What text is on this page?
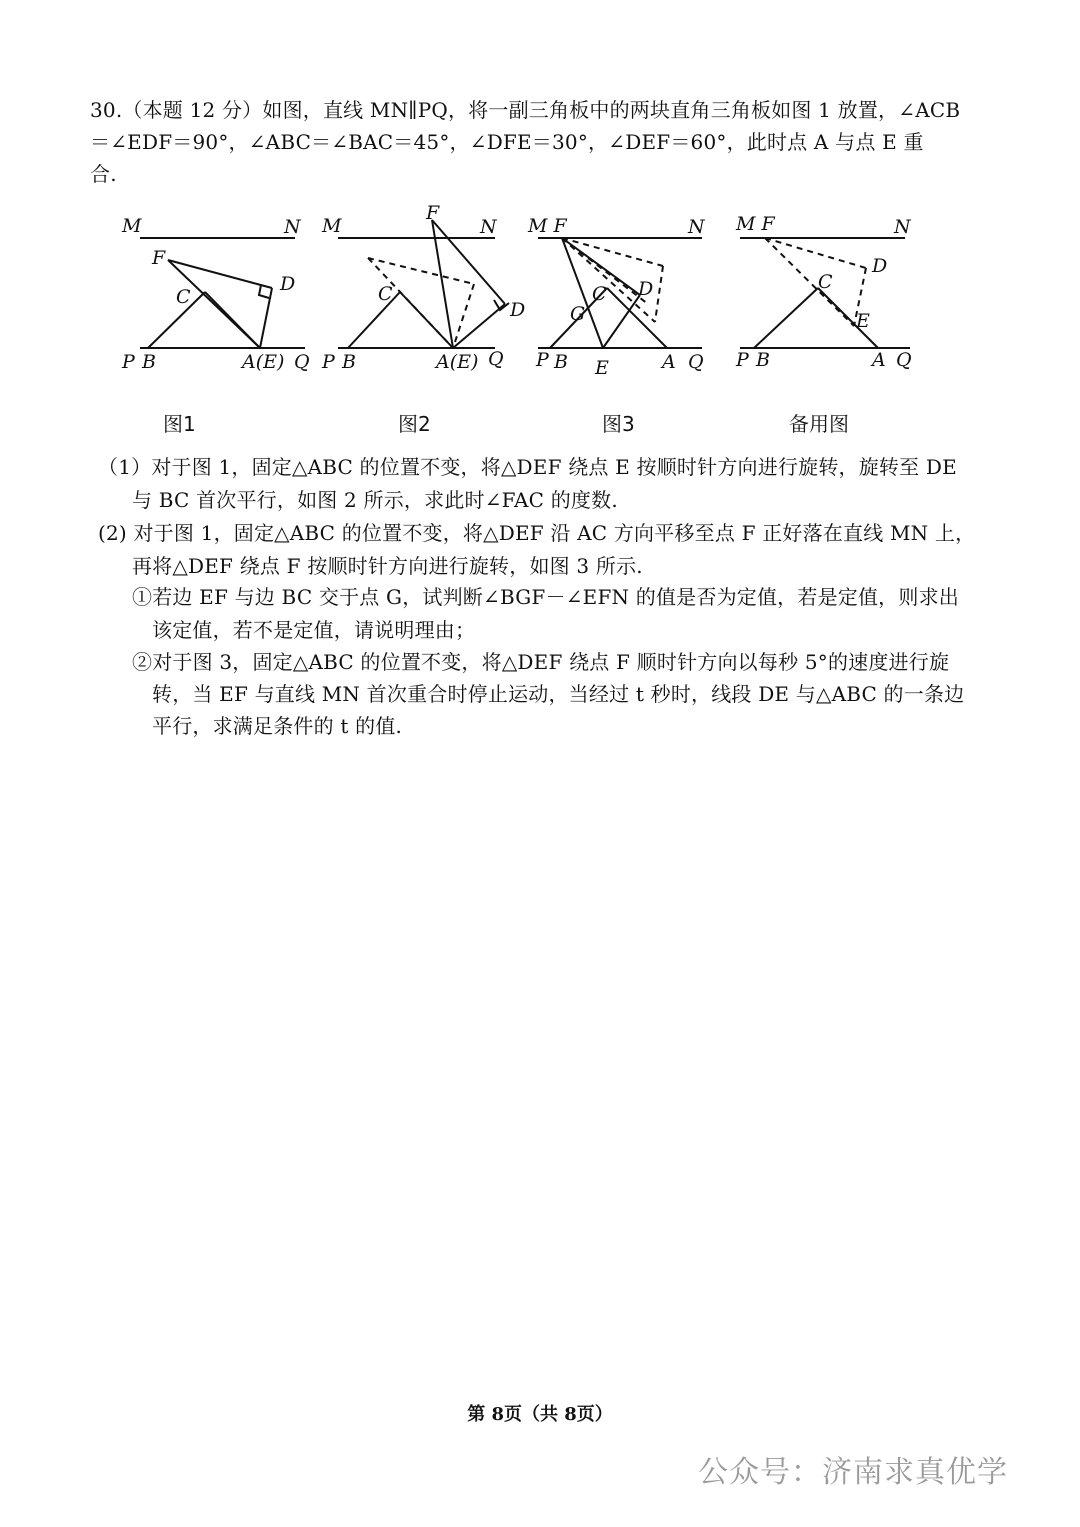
30.（本题 12 分）如图，直线 MN∥PQ，将一副三角板中的两块直角三角板如图 1 放置，∠ACB
＝∠EDF＝90°，∠ABC＝∠BAC＝45°，∠DFE＝30°，∠DEF＝60°，此时点 A 与点 E 重
合.
M	N
F
C
D
P B	A(E) Q
M
F
N
C
D
P B	A(E) Q
M F	N
C D
G
P B E	A Q
M F	N
C
D
E
P B	A Q
图1	图2	图3	备用图
（1）对于图 1，固定△ABC 的位置不变，将△DEF 绕点 E 按顺时针方向进行旋转，旋转至 DE
与 BC 首次平行，如图 2 所示，求此时∠FAC 的度数.
(2) 对于图 1，固定△ABC 的位置不变，将△DEF 沿 AC 方向平移至点 F 正好落在直线 MN 上，
再将△DEF 绕点 F 按顺时针方向进行旋转，如图 3 所示.
①若边 EF 与边 BC 交于点 G，试判断∠BGF－∠EFN 的值是否为定值，若是定值，则求出
该定值，若不是定值，请说明理由；
②对于图 3，固定△ABC 的位置不变，将△DEF 绕点 F 顺时针方向以每秒 5°的速度进行旋
转，当 EF 与直线 MN 首次重合时停止运动，当经过 t 秒时，线段 DE 与△ABC 的一条边
平行，求满足条件的 t 的值.
第 8页（共 8页）
公众号：济南求真优学
